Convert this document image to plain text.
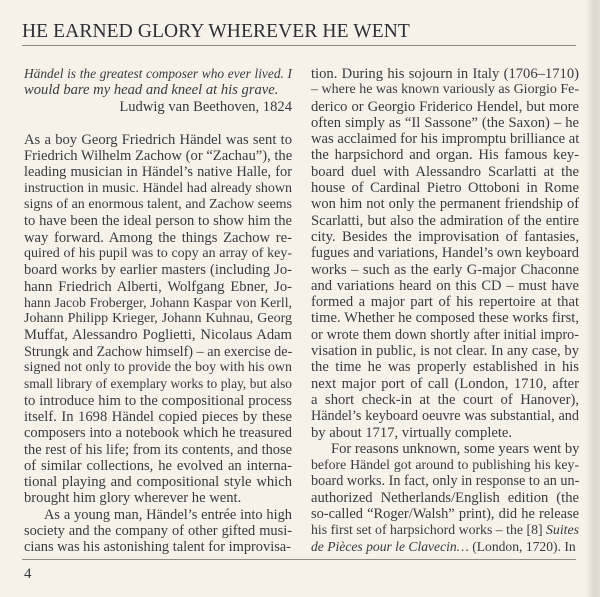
HE EARNED GLORY WHEREVER HE WENT
Händel is the greatest composer who ever lived. I
would bare my head and kneel at his grave.
Ludwig van Beethoven, 1824
As a boy Georg Friedrich Händel was sent to
Friedrich Wilhelm Zachow (or “Zachau”), the
leading musician in Händel’s native Halle, for
instruction in music. Händel had already shown
signs of an enormous talent, and Zachow seems
to have been the ideal person to show him the
way forward. Among the things Zachow re-
quired of his pupil was to copy an array of key-
board works by earlier masters (including Jo-
hann Friedrich Alberti, Wolfgang Ebner, Jo-
hann Jacob Froberger, Johann Kaspar von Kerll,
Johann Philipp Krieger, Johann Kuhnau, Georg
Muffat, Alessandro Poglietti, Nicolaus Adam
Strungk and Zachow himself) – an exercise de-
signed not only to provide the boy with his own
small library of exemplary works to play, but also
to introduce him to the compositional process
itself. In 1698 Händel copied pieces by these
composers into a notebook which he treasured
the rest of his life; from its contents, and those
of similar collections, he evolved an interna-
tional playing and compositional style which
brought him glory wherever he went.
As a young man, Händel’s entrée into high
society and the company of other gifted musi-
cians was his astonishing talent for improvisa-
tion. During his sojourn in Italy (1706–1710)
– where he was known variously as Giorgio Fe-
derico or Georgio Friderico Hendel, but more
often simply as “Il Sassone” (the Saxon) – he
was acclaimed for his impromptu brilliance at
the harpsichord and organ. His famous key-
board duel with Alessandro Scarlatti at the
house of Cardinal Pietro Ottoboni in Rome
won him not only the permanent friendship of
Scarlatti, but also the admiration of the entire
city. Besides the improvisation of fantasies,
fugues and variations, Handel’s own keyboard
works – such as the early G-major Chaconne
and variations heard on this CD – must have
formed a major part of his repertoire at that
time. Whether he composed these works first,
or wrote them down shortly after initial impro-
visation in public, is not clear. In any case, by
the time he was properly established in his
next major port of call (London, 1710, after
a short check-in at the court of Hanover),
Händel’s keyboard oeuvre was substantial, and
by about 1717, virtually complete.
For reasons unknown, some years went by
before Händel got around to publishing his key-
board works. In fact, only in response to an un-
authorized Netherlands/English edition (the
so-called “Roger/Walsh” print), did he release
his first set of harpsichord works – the [8] Suites
de Pièces pour le Clavecin… (London, 1720). In
4
